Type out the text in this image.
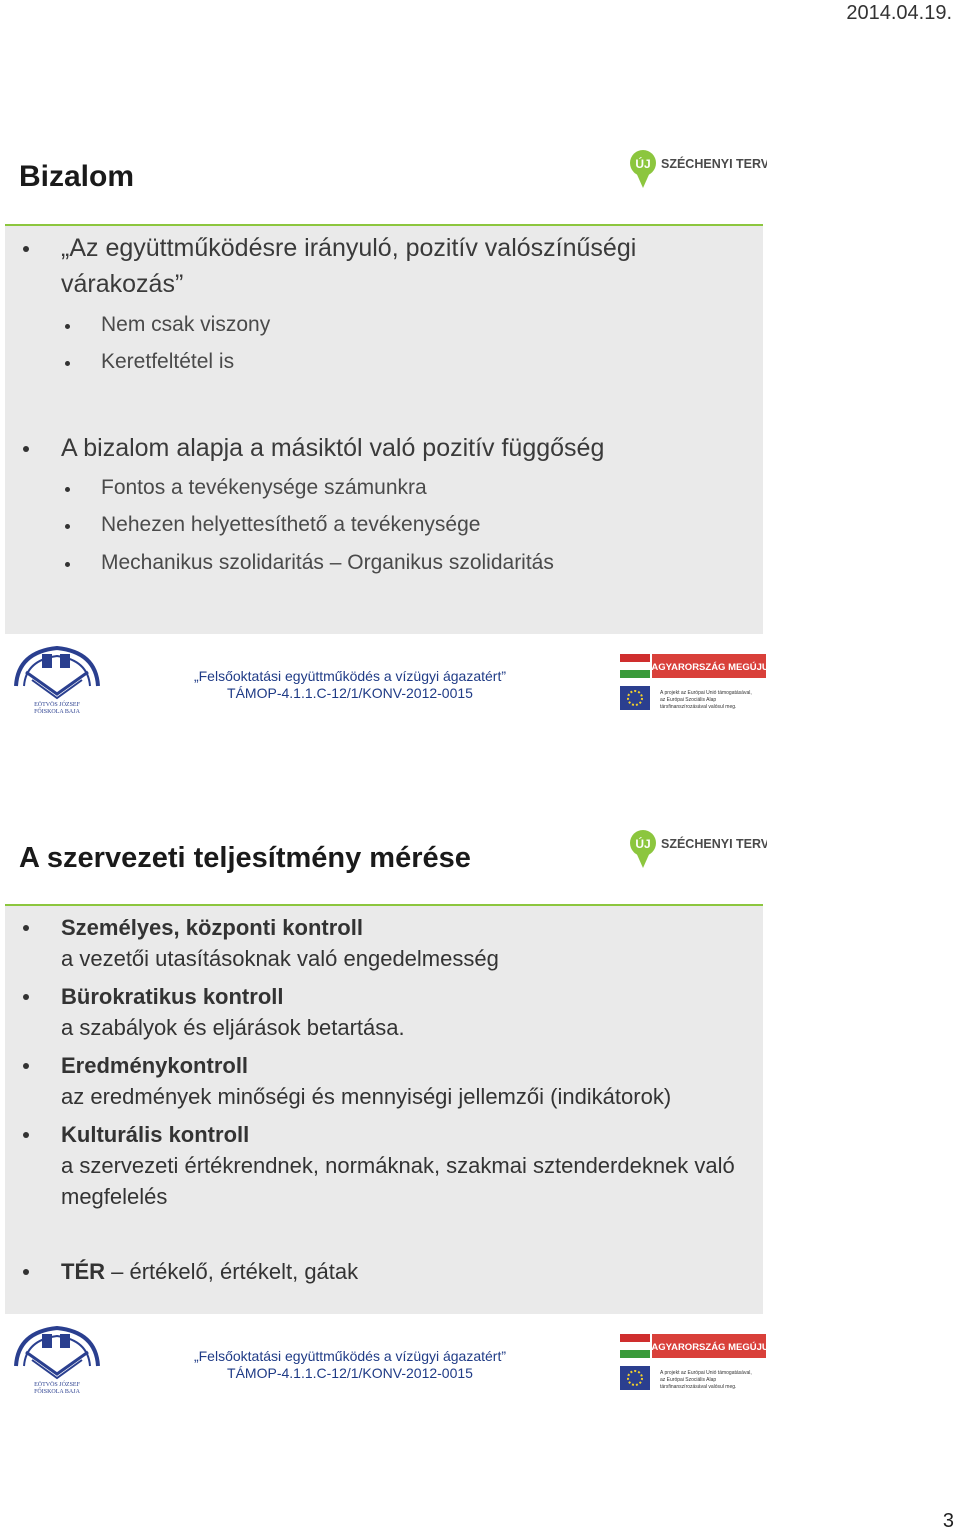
2014.04.19.
Bizalom	ÚJ SZÉCHENYI TERV
„Az együttműködésre irányuló, pozitív valószínűségi várakozás”
Nem csak viszony
Keretfeltétel is
A bizalom alapja a másiktól való pozitív függőség
Fontos a tevékenysége számunkra
Nehezen helyettesíthető a tevékenysége
Mechanikus szolidaritás – Organikus szolidaritás
EÖTVÖS JÓZSEF
FŐISKOLA BAJA
„Felsőoktatási együttműködés a vízügyi ágazatért”
TÁMOP-4.1.1.C-12/1/KONV-2012-0015
MAGYARORSZÁG MEGÚJUL
A projekt az Európai Unió támogatásával,
az Európai Szociális Alap
társfinanszírozásával valósul meg.
A szervezeti teljesítmény mérése	ÚJ SZÉCHENYI TERV
Személyes, központi kontroll
a vezetői utasításoknak való engedelmesség
Bürokratikus kontroll
a szabályok és eljárások betartása.
Eredménykontroll
az eredmények minőségi és mennyiségi jellemzői (indikátorok)
Kulturális kontroll
a szervezeti értékrendnek, normáknak, szakmai sztenderdeknek való megfelelés
TÉR – értékelő, értékelt, gátak
EÖTVÖS JÓZSEF
FŐISKOLA BAJA
„Felsőoktatási együttműködés a vízügyi ágazatért”
TÁMOP-4.1.1.C-12/1/KONV-2012-0015
MAGYARORSZÁG MEGÚJUL
A projekt az Európai Unió támogatásával,
az Európai Szociális Alap
társfinanszírozásával valósul meg.
3
